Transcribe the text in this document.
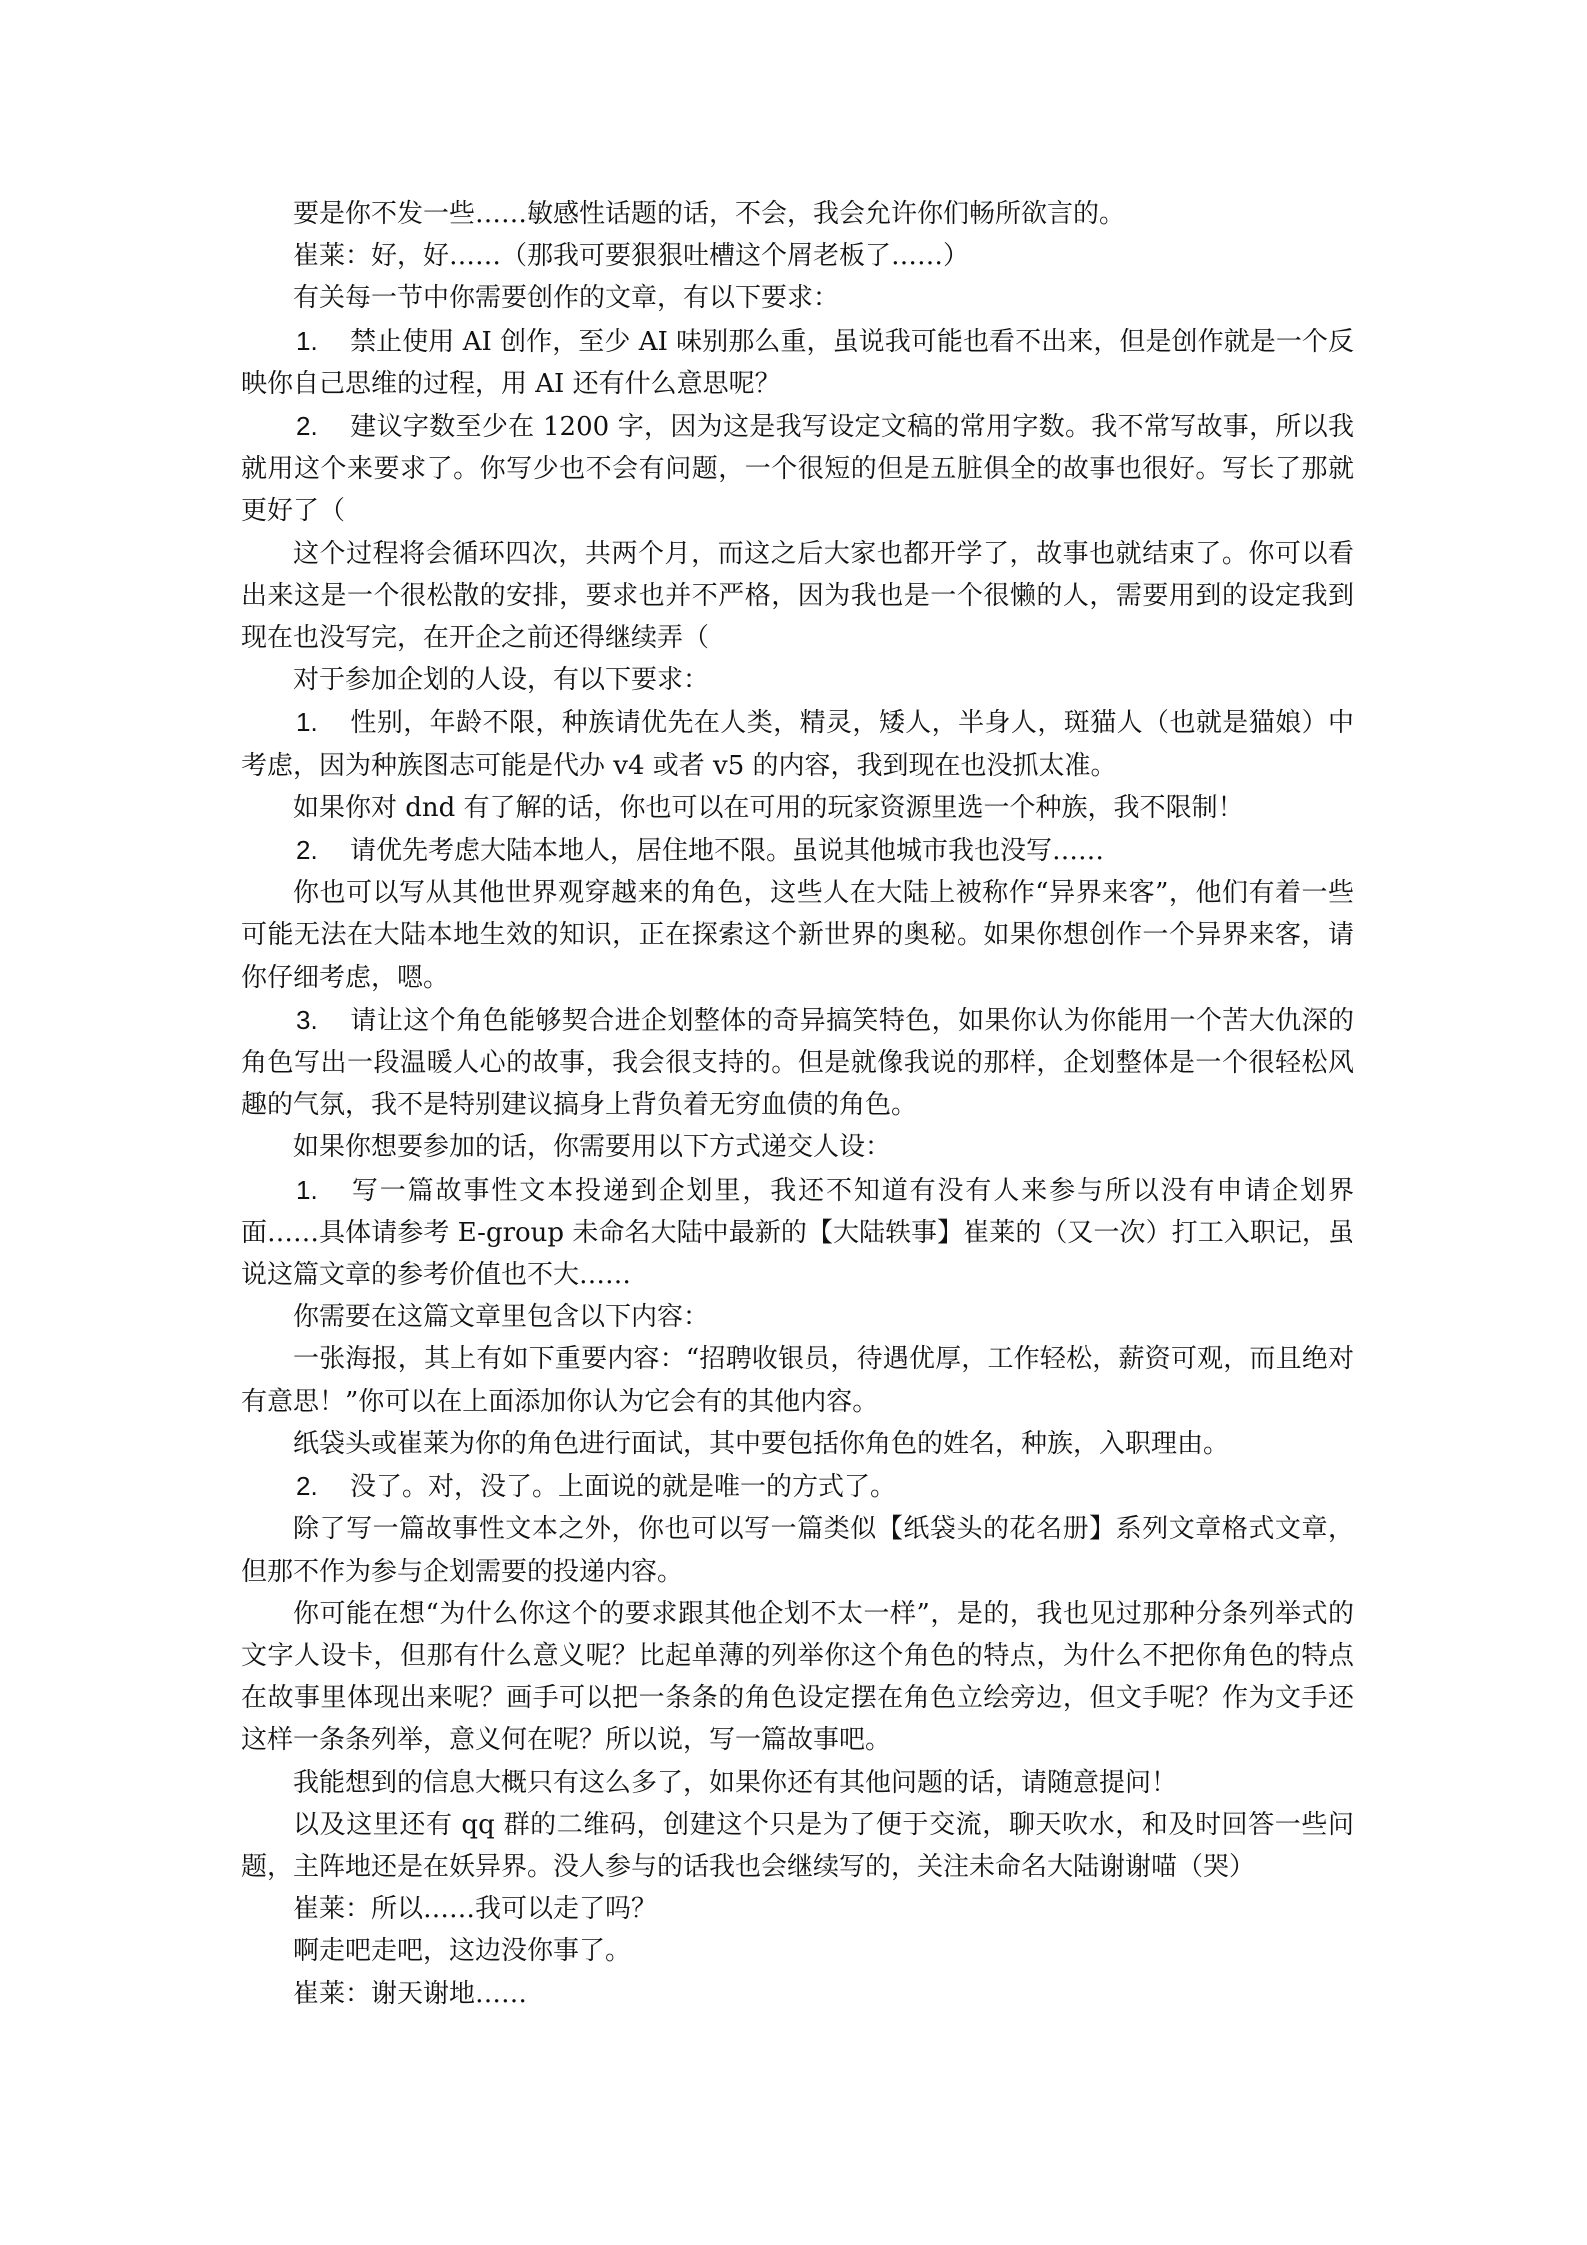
要是你不发一些……敏感性话题的话，不会，我会允许你们畅所欲言的。

崔莱：好，好……（那我可要狠狠吐槽这个屑老板了……）

有关每一节中你需要创作的文章，有以下要求：

1. 禁止使用 AI 创作，至少 AI 味别那么重，虽说我可能也看不出来，但是创作就是一个反映你自己思维的过程，用 AI 还有什么意思呢？

2. 建议字数至少在 1200 字，因为这是我写设定文稿的常用字数。我不常写故事，所以我就用这个来要求了。你写少也不会有问题，一个很短的但是五脏俱全的故事也很好。写长了那就更好了（

这个过程将会循环四次，共两个月，而这之后大家也都开学了，故事也就结束了。你可以看出来这是一个很松散的安排，要求也并不严格，因为我也是一个很懒的人，需要用到的设定我到现在也没写完，在开企之前还得继续弄（

对于参加企划的人设，有以下要求：

1. 性别，年龄不限，种族请优先在人类，精灵，矮人，半身人，斑猫人（也就是猫娘）中考虑，因为种族图志可能是代办 v4 或者 v5 的内容，我到现在也没抓太准。

如果你对 dnd 有了解的话，你也可以在可用的玩家资源里选一个种族，我不限制！

2. 请优先考虑大陆本地人，居住地不限。虽说其他城市我也没写……

你也可以写从其他世界观穿越来的角色，这些人在大陆上被称作“异界来客”，他们有着一些可能无法在大陆本地生效的知识，正在探索这个新世界的奥秘。如果你想创作一个异界来客，请你仔细考虑，嗯。

3. 请让这个角色能够契合进企划整体的奇异搞笑特色，如果你认为你能用一个苦大仇深的角色写出一段温暖人心的故事，我会很支持的。但是就像我说的那样，企划整体是一个很轻松风趣的气氛，我不是特别建议搞身上背负着无穷血债的角色。

如果你想要参加的话，你需要用以下方式递交人设：

1. 写一篇故事性文本投递到企划里，我还不知道有没有人来参与所以没有申请企划界面……具体请参考 E-group 未命名大陆中最新的【大陆轶事】崔莱的（又一次）打工入职记，虽说这篇文章的参考价值也不大……

你需要在这篇文章里包含以下内容：

一张海报，其上有如下重要内容：“招聘收银员，待遇优厚，工作轻松，薪资可观，而且绝对有意思！”你可以在上面添加你认为它会有的其他内容。

纸袋头或崔莱为你的角色进行面试，其中要包括你角色的姓名，种族，入职理由。

2. 没了。对，没了。上面说的就是唯一的方式了。

除了写一篇故事性文本之外，你也可以写一篇类似【纸袋头的花名册】系列文章格式文章，但那不作为参与企划需要的投递内容。

你可能在想“为什么你这个的要求跟其他企划不太一样”，是的，我也见过那种分条列举式的文字人设卡，但那有什么意义呢？比起单薄的列举你这个角色的特点，为什么不把你角色的特点在故事里体现出来呢？画手可以把一条条的角色设定摆在角色立绘旁边，但文手呢？作为文手还这样一条条列举，意义何在呢？所以说，写一篇故事吧。

我能想到的信息大概只有这么多了，如果你还有其他问题的话，请随意提问！

以及这里还有 qq 群的二维码，创建这个只是为了便于交流，聊天吹水，和及时回答一些问题，主阵地还是在妖异界。没人参与的话我也会继续写的，关注未命名大陆谢谢喵（哭）

崔莱：所以……我可以走了吗？

啊走吧走吧，这边没你事了。

崔莱：谢天谢地……
